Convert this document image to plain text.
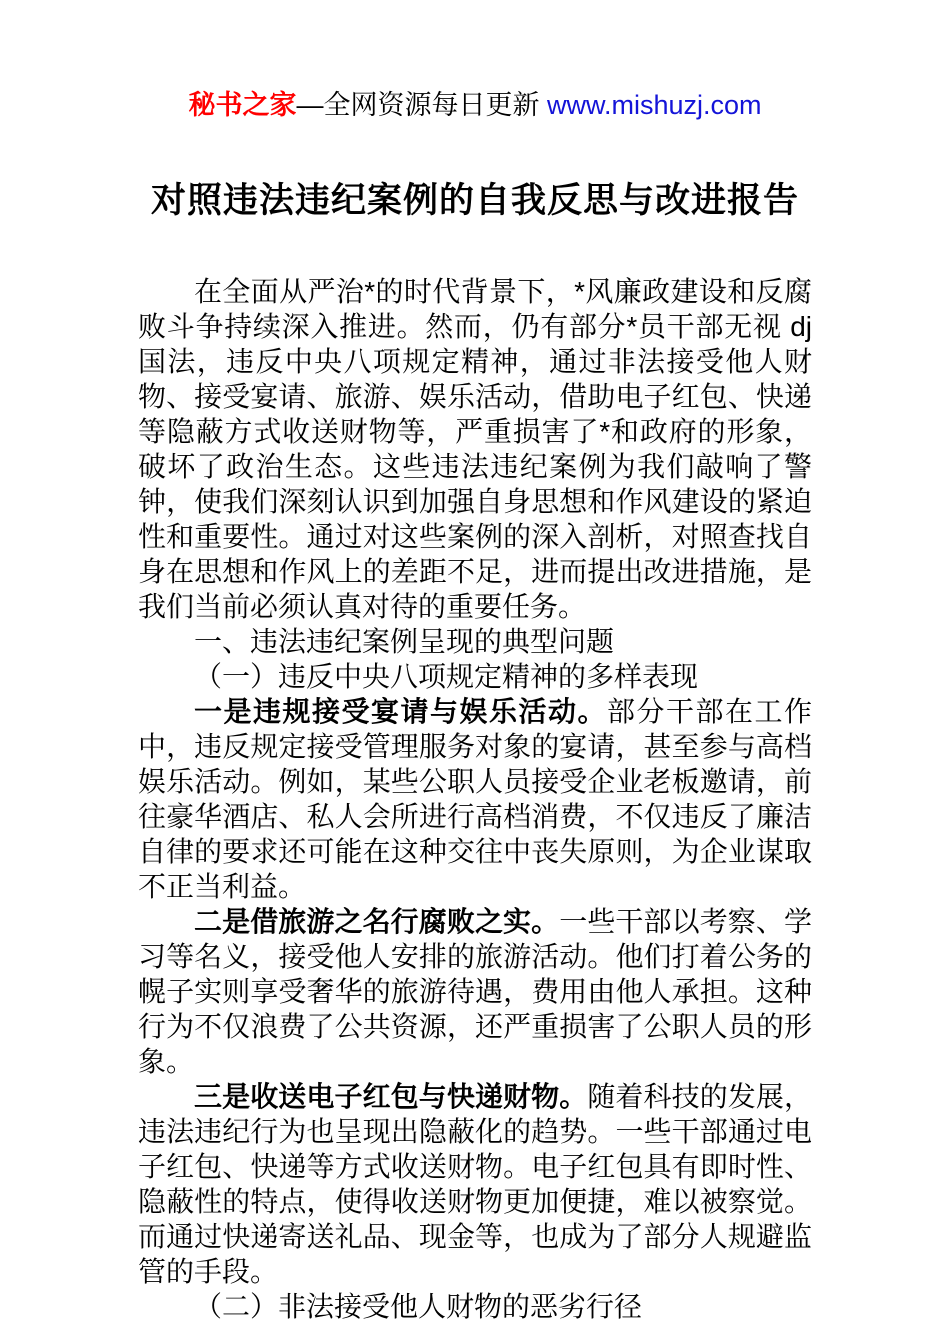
秘书之家—全网资源每日更新 www.mishuzj.com
对照违法违纪案例的自我反思与改进报告

在全面从严治*的时代背景下，*风廉政建设和反腐败斗争持续深入推进。然而，仍有部分*员干部无视 dj 国法，违反中央八项规定精神，通过非法接受他人财物、接受宴请、旅游、娱乐活动，借助电子红包、快递等隐蔽方式收送财物等，严重损害了*和政府的形象，破坏了政治生态。这些违法违纪案例为我们敲响了警钟，使我们深刻认识到加强自身思想和作风建设的紧迫性和重要性。通过对这些案例的深入剖析，对照查找自身在思想和作风上的差距不足，进而提出改进措施，是我们当前必须认真对待的重要任务。

一、违法违纪案例呈现的典型问题

（一）违反中央八项规定精神的多样表现

一是违规接受宴请与娱乐活动。部分干部在工作中，违反规定接受管理服务对象的宴请，甚至参与高档娱乐活动。例如，某些公职人员接受企业老板邀请，前往豪华酒店、私人会所进行高档消费，不仅违反了廉洁自律的要求还可能在这种交往中丧失原则，为企业谋取不正当利益。

二是借旅游之名行腐败之实。一些干部以考察、学习等名义，接受他人安排的旅游活动。他们打着公务的幌子实则享受奢华的旅游待遇，费用由他人承担。这种行为不仅浪费了公共资源，还严重损害了公职人员的形象。

三是收送电子红包与快递财物。随着科技的发展，违法违纪行为也呈现出隐蔽化的趋势。一些干部通过电子红包、快递等方式收送财物。电子红包具有即时性、隐蔽性的特点，使得收送财物更加便捷，难以被察觉。而通过快递寄送礼品、现金等，也成为了部分人规避监管的手段。

（二）非法接受他人财物的恶劣行径
